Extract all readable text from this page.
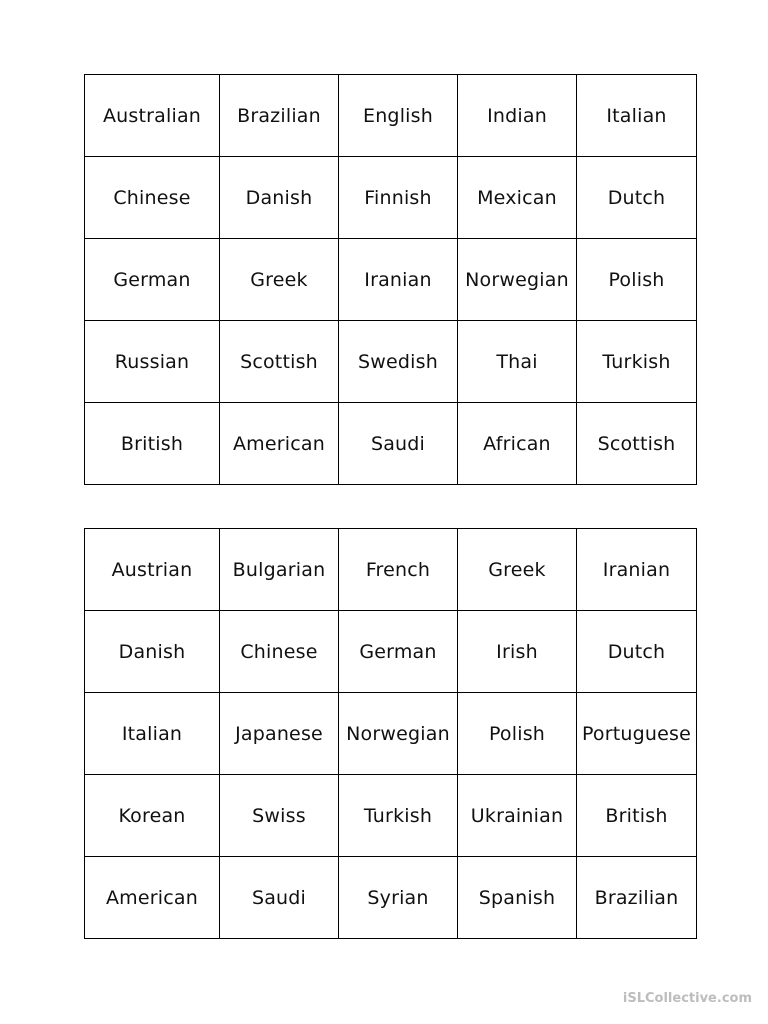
Australian	Brazilian	English	Indian	Italian
Chinese	Danish	Finnish	Mexican	Dutch
German	Greek	Iranian	Norwegian	Polish
Russian	Scottish	Swedish	Thai	Turkish
British	American	Saudi	African	Scottish
Austrian	Bulgarian	French	Greek	Iranian
Danish	Chinese	German	Irish	Dutch
Italian	Japanese	Norwegian	Polish	Portuguese
Korean	Swiss	Turkish	Ukrainian	British
American	Saudi	Syrian	Spanish	Brazilian
iSLCollective.com
